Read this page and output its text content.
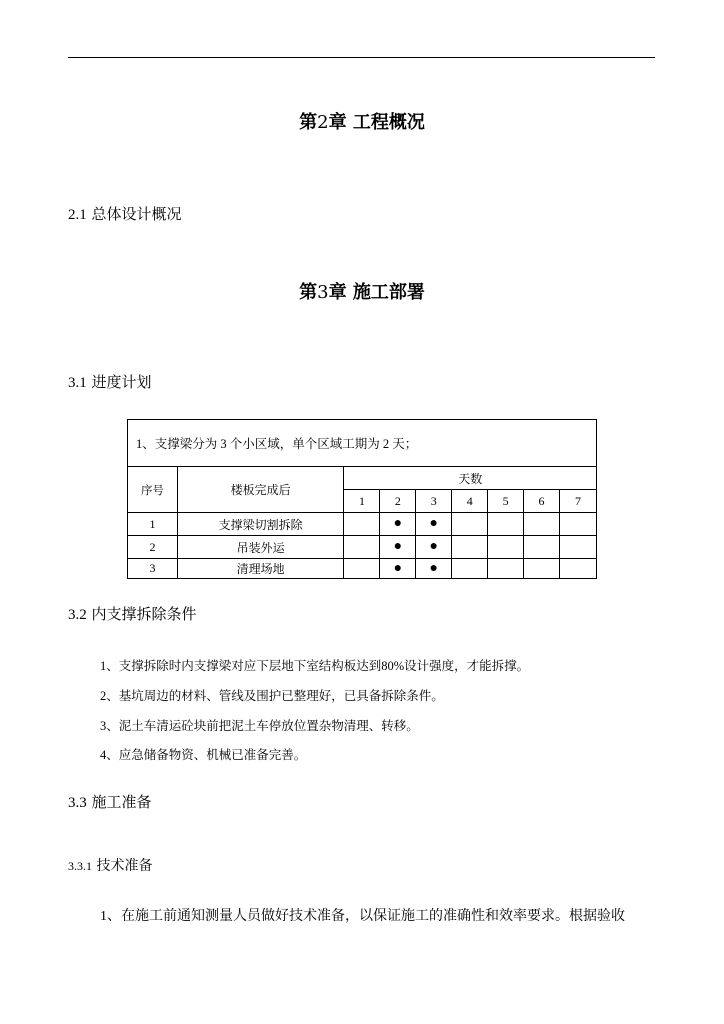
第2章 工程概况
2.1 总体设计概况
第3章 施工部署
3.1 进度计划
1、支撑梁分为 3 个小区域，单个区域工期为 2 天；								
序号	楼板完成后	天数						
		1	2	3	4	5	6	7
1	支撑梁切割拆除		●	●				
2	吊装外运		●	●				
3	清理场地		●	●				
3.2 内支撑拆除条件

1、支撑拆除时内支撑梁对应下层地下室结构板达到80%设计强度，才能拆撑。

2、基坑周边的材料、管线及围护已整理好，已具备拆除条件。

3、泥土车清运砼块前把泥土车停放位置杂物清理、转移。

4、应急储备物资、机械已准备完善。

3.3 施工准备
3.3.1 技术准备

1、在施工前通知测量人员做好技术准备，以保证施工的准确性和效率要求。根据验收
